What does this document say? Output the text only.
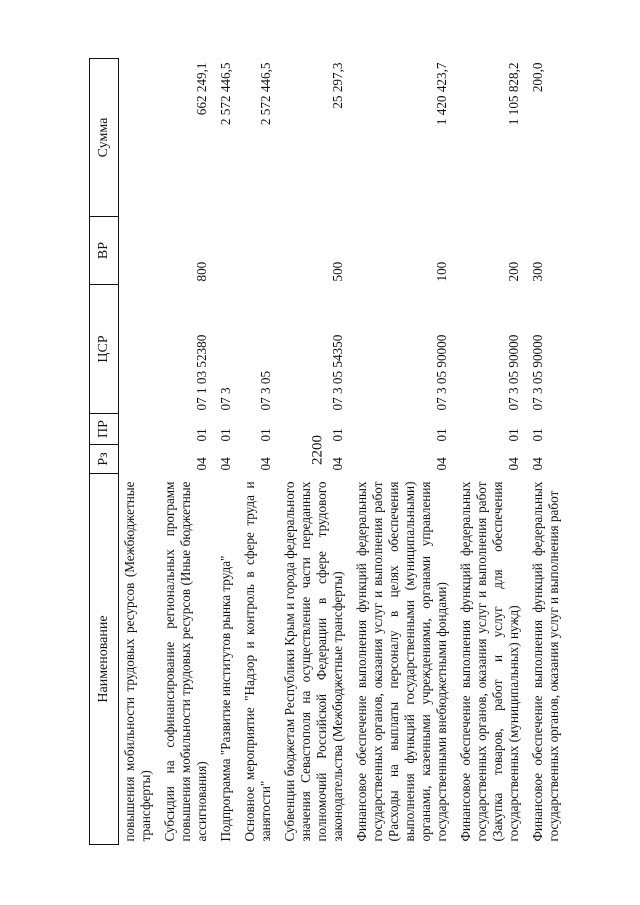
2200
Наименование	Рз	ПР	ЦСР	ВР	Сумма
повышения мобильности трудовых ресурсов (Межбюджетные трансферты)					
Субсидии на софинансирование региональных программ повышения мобильности трудовых ресурсов (Иные бюджетные ассигнования)	04	01	07 1 03 52380	800	662 249,1
Подпрограмма "Развитие институтов рынка труда"	04	01	07 3		2 572 446,5
Основное мероприятие "Надзор и контроль в сфере труда и занятости"	04	01	07 3 05		2 572 446,5
Субвенции бюджетам Республики Крым и города федерального значения Севастополя на осуществление части переданных полномочий Российской Федерации в сфере трудового законодательства (Межбюджетные трансферты)	04	01	07 3 05 54350	500	25 297,3
Финансовое обеспечение выполнения функций федеральных государственных органов, оказания услуг и выполнения работ (Расходы на выплаты персоналу в целях обеспечения выполнения функций государственными (муниципальными) органами, казенными учреждениями, органами управления государственными внебюджетными фондами)	04	01	07 3 05 90000	100	1 420 423,7
Финансовое обеспечение выполнения функций федеральных государственных органов, оказания услуг и выполнения работ (Закупка товаров, работ и услуг для обеспечения государственных (муниципальных) нужд)	04	01	07 3 05 90000	200	1 105 828,2
Финансовое обеспечение выполнения функций федеральных государственных органов, оказания услуг и выполнения работ	04	01	07 3 05 90000	300	200,0
